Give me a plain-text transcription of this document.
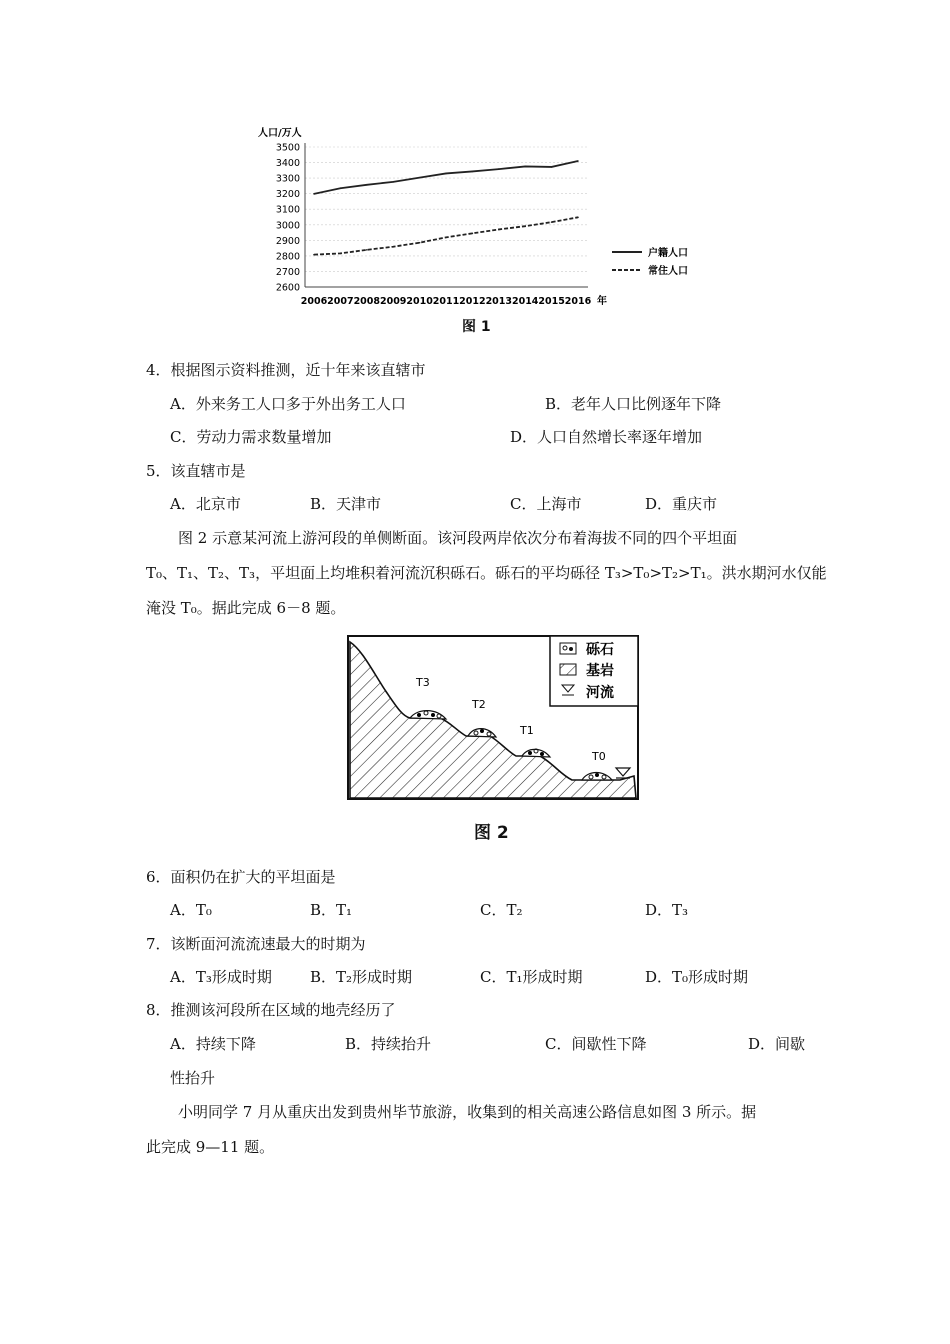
人口/万人
2600
2700
2800
2900
3000
3100
3200
3300
3400
3500
2006 2007 2008 2009 2010 2011 2012 2013 2014 2015 2016 年
户籍人口
常住人口
图 1
4．根据图示资料推测，近十年来该直辖市
A．外来务工人口多于外出务工人口	B．老年人口比例逐年下降
C．劳动力需求数量增加	D．人口自然增长率逐年增加
5．该直辖市是
A．北京市	B．天津市	C．上海市	D．重庆市
图 2 示意某河流上游河段的单侧断面。该河段两岸依次分布着海拔不同的四个平坦面
T₀、T₁、T₂、T₃，平坦面上均堆积着河流沉积砾石。砾石的平均砾径 T₃>T₀>T₂>T₁。洪水期河水仅能
淹没 T₀。据此完成 6－8 题。
T3
T2
T1
T0
砾石
基岩
河流
图 2
6．面积仍在扩大的平坦面是
A．T₀	B．T₁	C．T₂	D．T₃
7．该断面河流流速最大的时期为
A．T₃形成时期	B．T₂形成时期	C．T₁形成时期	D．T₀形成时期
8．推测该河段所在区域的地壳经历了
A．持续下降	B．持续抬升	C．间歇性下降	D．间歇
性抬升
小明同学 7 月从重庆出发到贵州毕节旅游，收集到的相关高速公路信息如图 3 所示。据
此完成 9—11 题。
